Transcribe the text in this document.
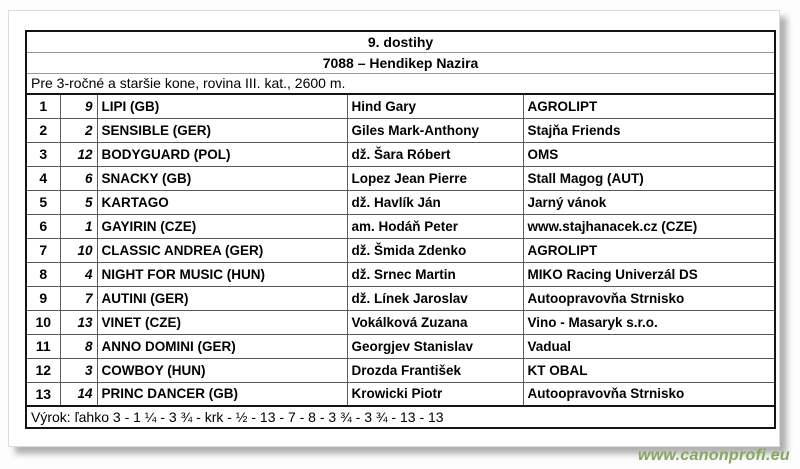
9. dostihy				
7088 – Hendikep Nazira				
Pre 3-ročné a staršie kone, rovina III. kat., 2600 m.				
1	9	LIPI (GB)	Hind Gary	AGROLIPT
2	2	SENSIBLE (GER)	Giles Mark-Anthony	Stajňa Friends
3	12	BODYGUARD (POL)	dž. Šara Róbert	OMS
4	6	SNACKY (GB)	Lopez Jean Pierre	Stall Magog (AUT)
5	5	KARTAGO	dž. Havlík Ján	Jarný vánok
6	1	GAYIRIN (CZE)	am. Hodáň Peter	www.stajhanacek.cz (CZE)
7	10	CLASSIC ANDREA (GER)	dž. Šmida Zdenko	AGROLIPT
8	4	NIGHT FOR MUSIC (HUN)	dž. Srnec Martin	MIKO Racing Univerzál DS
9	7	AUTINI (GER)	dž. Línek Jaroslav	Autoopravovňa Strnisko
10	13	VINET (CZE)	Vokálková Zuzana	Vino - Masaryk s.r.o.
11	8	ANNO DOMINI (GER)	Georgjev Stanislav	Vadual
12	3	COWBOY (HUN)	Drozda František	KT OBAL
13	14	PRINC DANCER (GB)	Krowicki Piotr	Autoopravovňa Strnisko
Výrok: ľahko 3 - 1 ¼ - 3 ¾ - krk - ½ - 13 - 7 - 8 - 3 ¾ - 3 ¾ - 13 - 13				
www.canonprofi.eu
